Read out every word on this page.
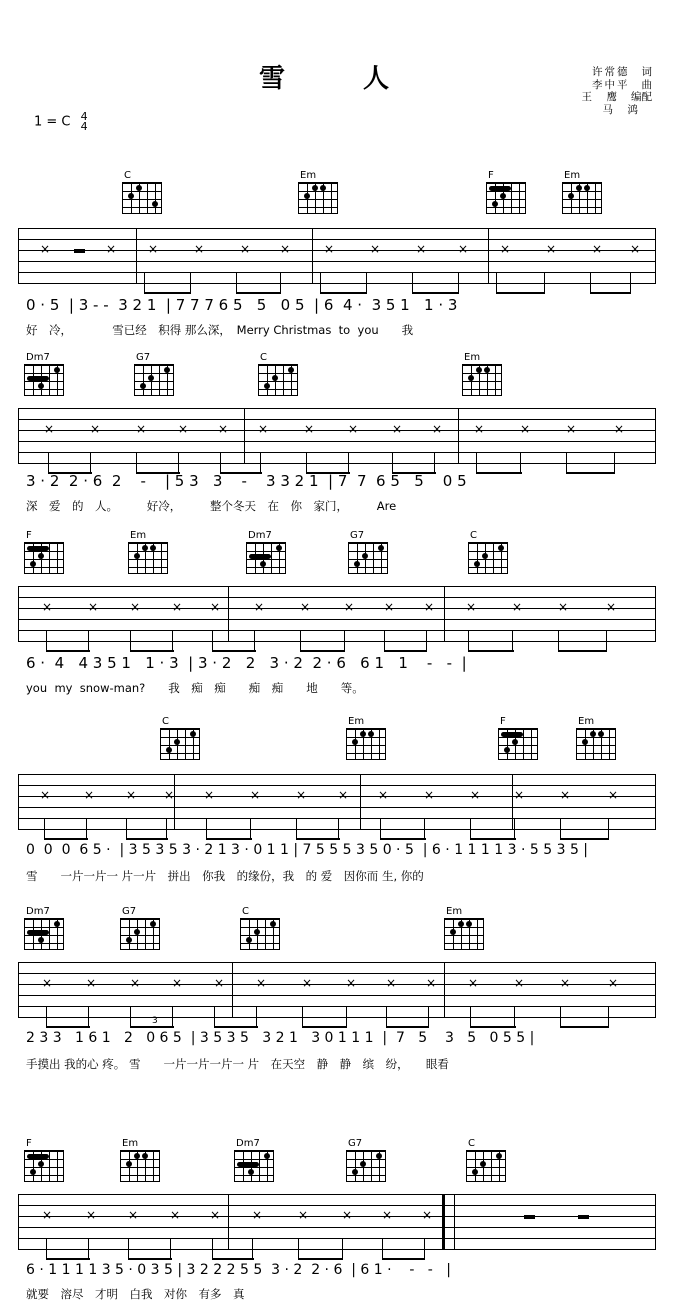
雪　人	许常德 词
李中平 曲
王　鹰 编配
马　鸿
1 = C 4
4
C	Em	F	Em
×	×	×	×	× ×	×	×	×	×	×	×	× ×
0 · 5  | 3 - -  3 2 1  | 7 7 7 6 5   5   0 5  | 6  4 ·  3 5 1   1 · 3
好　冷，　　　　雪已经　积得 那么深，　Merry Christmas  to  you　　我
Dm7	G7	C	Em
×	×	×	× × ×	×	×	× ×	×	×	×	×
3 · 2  2 · 6  2    -    | 5 3   3    -    3 3 2 1  | 7  7  6 5   5    0 5
深　爱　的　人。　　　好冷，　　　整个冬天　在　你　家门，　　　Are
F	Em	Dm7	G7	C
×	×	×	× ×	×	×	× × ×	×	×	×	×
6 ·  4   4 3 5 1   1 · 3  | 3 · 2   2   3 · 2  2 · 6   6 1   1    -   -  |
you  my  snow-man?　　我　痴　痴　　痴　痴　　地　　等。
C	Em	F	Em
×	×	× × ×	×	×	× ×	×	×	×	×	×
0  0  0  6 5 ·  | 3 5 3 5 3 · 2 1 3 · 0 1 1 | 7 5 5 5 3 5 0 · 5  | 6 · 1 1 1 1 3 · 5 5 3 5 |
雪　　一片一片一 片一片　拼出　你我　的缘份，我　的 爱　因你而 生, 你的
Dm7	G7	C	Em
×	×	×	×	×	×	×	× × ×	×	×	×	×
2 3 3   1 6 1   2   0 6 5  | 3 5 3 5   3 2 1   3 0 1 1 1  |  7   5    3   5   0 5 5 |
3
手摸出 我的心 疼。 雪　　一片一片一片一 片　在天空　静　静　缤　纷，　　眼看
F	Em	Dm7	G7	C
×	×	×	× ×	×	×	× × ×
6 · 1 1 1 1 3 5 · 0 3 5 | 3 2 2 2 5 5  3 · 2  2 · 6  | 6 1 ·    -   -   |
就要　溶尽　才明　白我　对你　有多　真
